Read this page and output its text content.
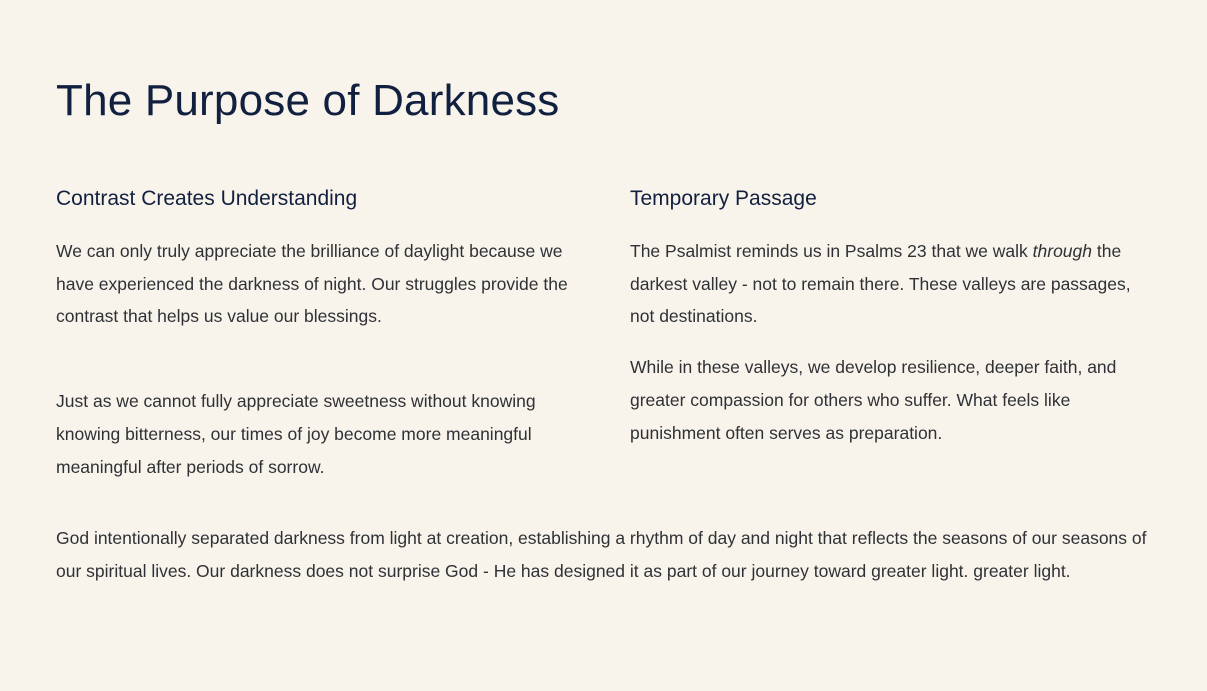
The Purpose of Darkness
Contrast Creates Understanding

We can only truly appreciate the brilliance of daylight because we have experienced the darkness of night. Our struggles provide the contrast that helps us value our blessings.

Just as we cannot fully appreciate sweetness without knowing knowing bitterness, our times of joy become more meaningful meaningful after periods of sorrow.

Temporary Passage

The Psalmist reminds us in Psalms 23 that we walk through the darkest valley - not to remain there. These valleys are passages, not destinations.

While in these valleys, we develop resilience, deeper faith, and greater compassion for others who suffer. What feels like punishment often serves as preparation.

God intentionally separated darkness from light at creation, establishing a rhythm of day and night that reflects the seasons of our seasons of our spiritual lives. Our darkness does not surprise God - He has designed it as part of our journey toward greater light. greater light.
